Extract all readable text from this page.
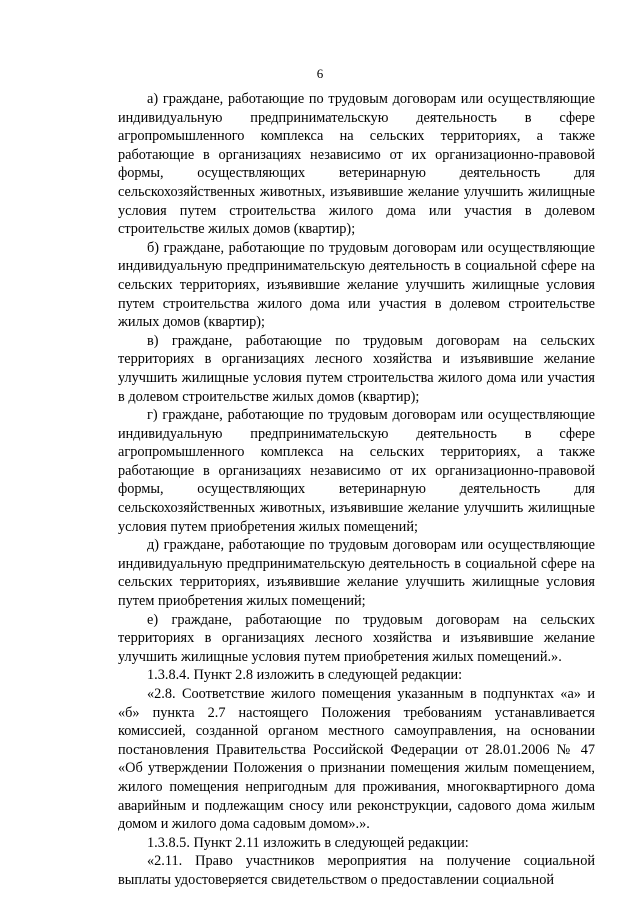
6

а) граждане, работающие по трудовым договорам или осуществляющие индивидуальную предпринимательскую деятельность в сфере агропромышленного комплекса на сельских территориях, а также работающие в организациях независимо от их организационно-правовой формы, осуществляющих ветеринарную деятельность для сельскохозяйственных животных, изъявившие желание улучшить жилищные условия путем строительства жилого дома или участия в долевом строительстве жилых домов (квартир);

б) граждане, работающие по трудовым договорам или осуществляющие индивидуальную предпринимательскую деятельность в социальной сфере на сельских территориях, изъявившие желание улучшить жилищные условия путем строительства жилого дома или участия в долевом строительстве жилых домов (квартир);

в) граждане, работающие по трудовым договорам на сельских территориях в организациях лесного хозяйства и изъявившие желание улучшить жилищные условия путем строительства жилого дома или участия в долевом строительстве жилых домов (квартир);

г) граждане, работающие по трудовым договорам или осуществляющие индивидуальную предпринимательскую деятельность в сфере агропромышленного комплекса на сельских территориях, а также работающие в организациях независимо от их организационно-правовой формы, осуществляющих ветеринарную деятельность для сельскохозяйственных животных, изъявившие желание улучшить жилищные условия путем приобретения жилых помещений;

д) граждане, работающие по трудовым договорам или осуществляющие индивидуальную предпринимательскую деятельность в социальной сфере на сельских территориях, изъявившие желание улучшить жилищные условия путем приобретения жилых помещений;

е) граждане, работающие по трудовым договорам на сельских территориях в организациях лесного хозяйства и изъявившие желание улучшить жилищные условия путем приобретения жилых помещений.».

1.3.8.4. Пункт 2.8 изложить в следующей редакции:

«2.8. Соответствие жилого помещения указанным в подпунктах «а» и «б» пункта 2.7 настоящего Положения требованиям устанавливается комиссией, созданной органом местного самоуправления, на основании постановления Правительства Российской Федерации от 28.01.2006 № 47 «Об утверждении Положения о признании помещения жилым помещением, жилого помещения непригодным для проживания, многоквартирного дома аварийным и подлежащим сносу или реконструкции, садового дома жилым домом и жилого дома садовым домом».».

1.3.8.5. Пункт 2.11 изложить в следующей редакции:

«2.11. Право участников мероприятия на получение социальной выплаты удостоверяется свидетельством о предоставлении социальной
